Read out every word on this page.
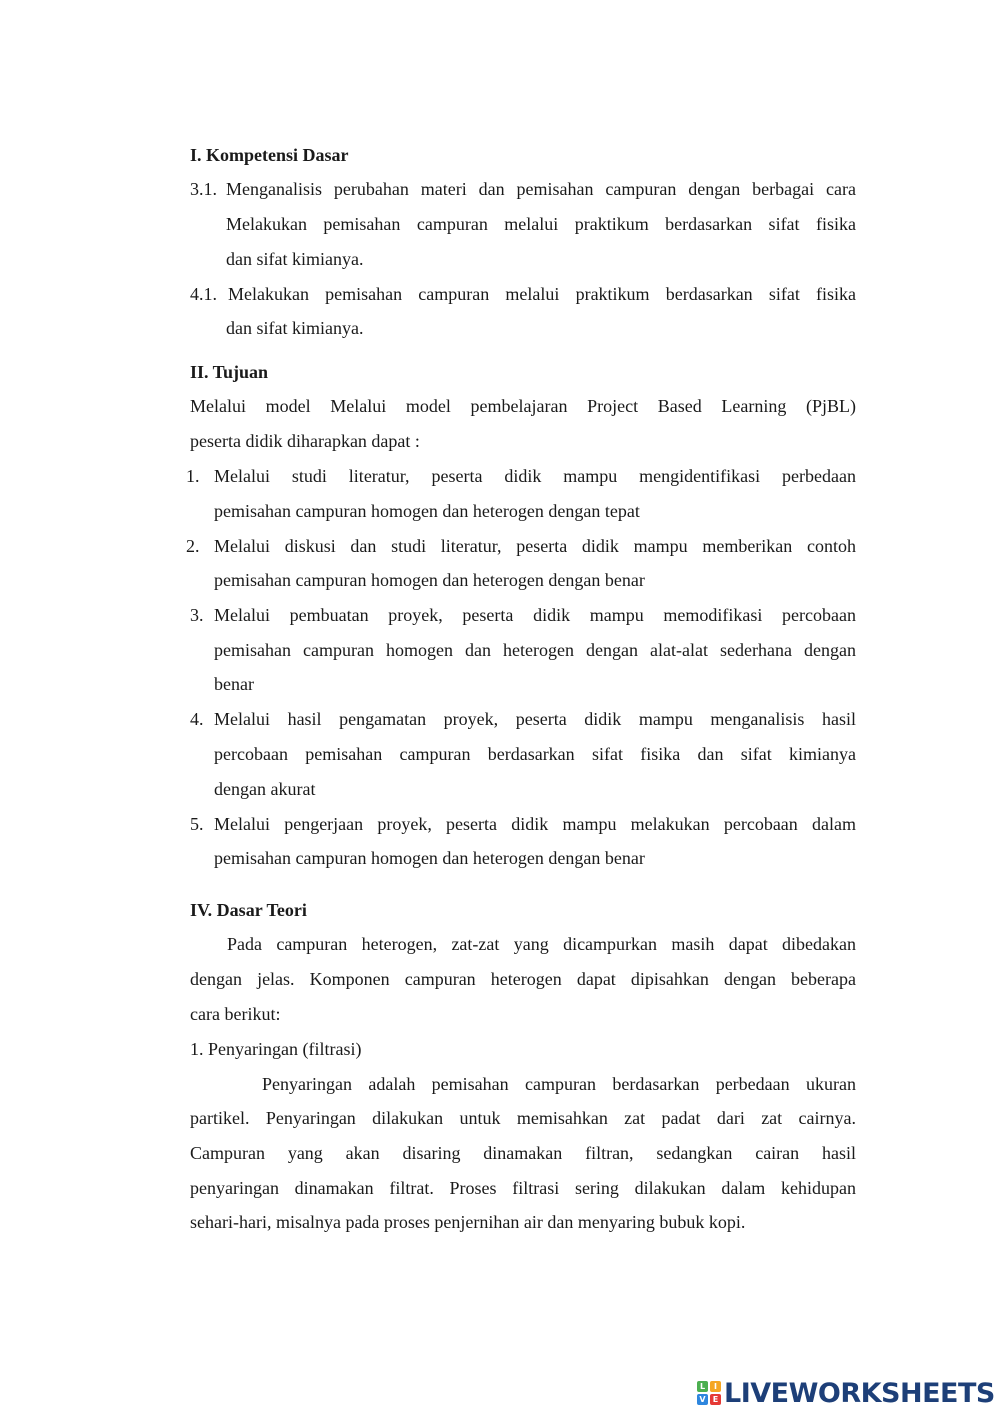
I. Kompetensi Dasar
3.1. Menganalisis perubahan materi dan pemisahan campuran dengan berbagai cara
Melakukan pemisahan campuran melalui praktikum berdasarkan sifat fisika
dan sifat kimianya.
4.1. Melakukan pemisahan campuran melalui praktikum berdasarkan sifat fisika
dan sifat kimianya.
II. Tujuan
Melalui model Melalui model pembelajaran Project Based Learning (PjBL)
peserta didik diharapkan dapat :
1. Melalui studi literatur, peserta didik mampu mengidentifikasi perbedaan
pemisahan campuran homogen dan heterogen dengan tepat
2. Melalui diskusi dan studi literatur, peserta didik mampu memberikan contoh
pemisahan campuran homogen dan heterogen dengan benar
3. Melalui pembuatan proyek, peserta didik mampu memodifikasi percobaan
pemisahan campuran homogen dan heterogen dengan alat-alat sederhana dengan
benar
4. Melalui hasil pengamatan proyek, peserta didik mampu menganalisis hasil
percobaan pemisahan campuran berdasarkan sifat fisika dan sifat kimianya
dengan akurat
5. Melalui pengerjaan proyek, peserta didik mampu melakukan percobaan dalam
pemisahan campuran homogen dan heterogen dengan benar
IV. Dasar Teori
Pada campuran heterogen, zat-zat yang dicampurkan masih dapat dibedakan
dengan jelas. Komponen campuran heterogen dapat dipisahkan dengan beberapa
cara berikut:
1. Penyaringan (filtrasi)
Penyaringan adalah pemisahan campuran berdasarkan perbedaan ukuran
partikel. Penyaringan dilakukan untuk memisahkan zat padat dari zat cairnya.
Campuran yang akan disaring dinamakan filtran, sedangkan cairan hasil
penyaringan dinamakan filtrat. Proses filtrasi sering dilakukan dalam kehidupan
sehari-hari, misalnya pada proses penjernihan air dan menyaring bubuk kopi.
L	I
V E LIVEWORKSHEETS
